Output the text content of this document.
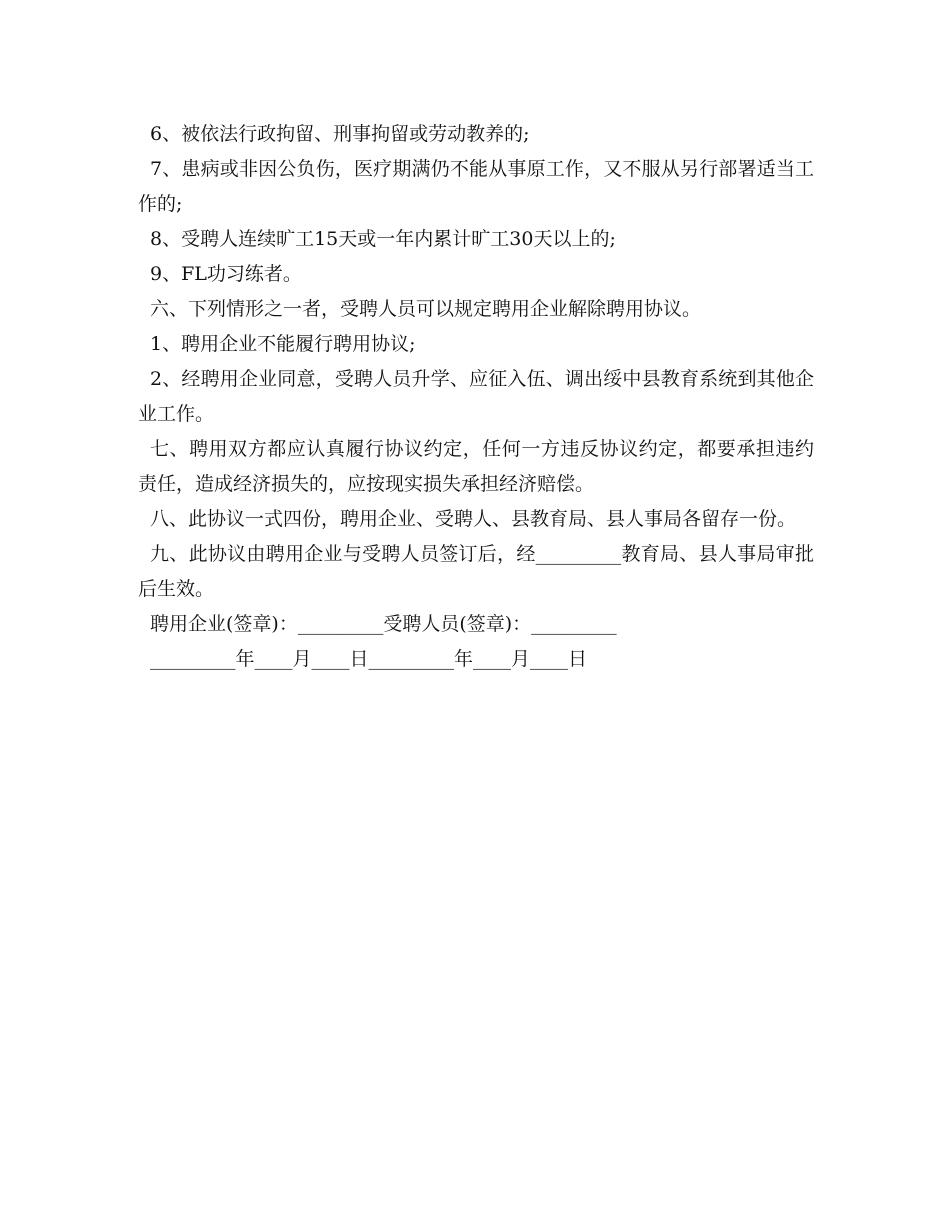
6、被依法行政拘留、刑事拘留或劳动教养的;

7、患病或非因公负伤，医疗期满仍不能从事原工作，又不服从另行部署适当工作的;

8、受聘人连续旷工15天或一年内累计旷工30天以上的;

9、FL功习练者。

六、下列情形之一者，受聘人员可以规定聘用企业解除聘用协议。

1、聘用企业不能履行聘用协议;

2、经聘用企业同意，受聘人员升学、应征入伍、调出绥中县教育系统到其他企业工作。

七、聘用双方都应认真履行协议约定，任何一方违反协议约定，都要承担违约责任，造成经济损失的，应按现实损失承担经济赔偿。

八、此协议一式四份，聘用企业、受聘人、县教育局、县人事局各留存一份。

九、此协议由聘用企业与受聘人员签订后，经_________教育局、县人事局审批后生效。

聘用企业(签章)：_________受聘人员(签章)：_________

_________年____月____日_________年____月____日
